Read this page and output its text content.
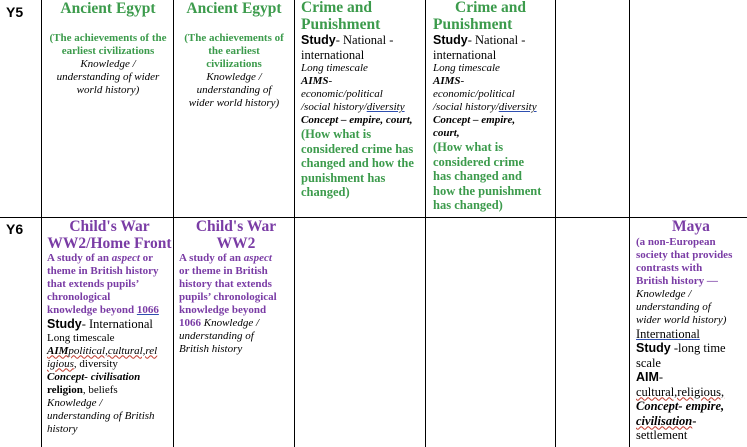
Y5
Y6
Ancient Egypt
(The achievements of the earliest civilizations
Knowledge /
understanding of wider
world history)
Ancient Egypt
(The achievements of
the earliest
civilizations
Knowledge /
understanding of
wider world history)
Crime and
Punishment
Study- National -
international
Long timescale
AIMS-
economic/political
/social history/diversity
Concept – empire, court,
(How what is
considered crime has
changed and how the
punishment has
changed)
Crime and
Punishment
Study- National -
international
Long timescale
AIMS-
economic/political
/social history/diversity
Concept – empire,
court,
(How what is
considered crime
has changed and
how the punishment
has changed)
Child's War
WW2/Home Front
A study of an aspect or
theme in British history
that extends pupils’
chronological
knowledge beyond 1066
Study- International
Long timescale
AIMpolitical,cultural,rel
igious, diversity
Concept- civilisation
religion, beliefs
Knowledge /
understanding of British
history
Child's War
WW2
A study of an aspect
or theme in British
history that extends
pupils’ chronological
knowledge beyond
1066 Knowledge /
understanding of
British history
Maya
(a non-European
society that provides
contrasts with
British history —
Knowledge /
understanding of
wider world history)
International
Study -long time
scale
AIM-
cultural,religious,
Concept- empire,
civilisation-
settlement
